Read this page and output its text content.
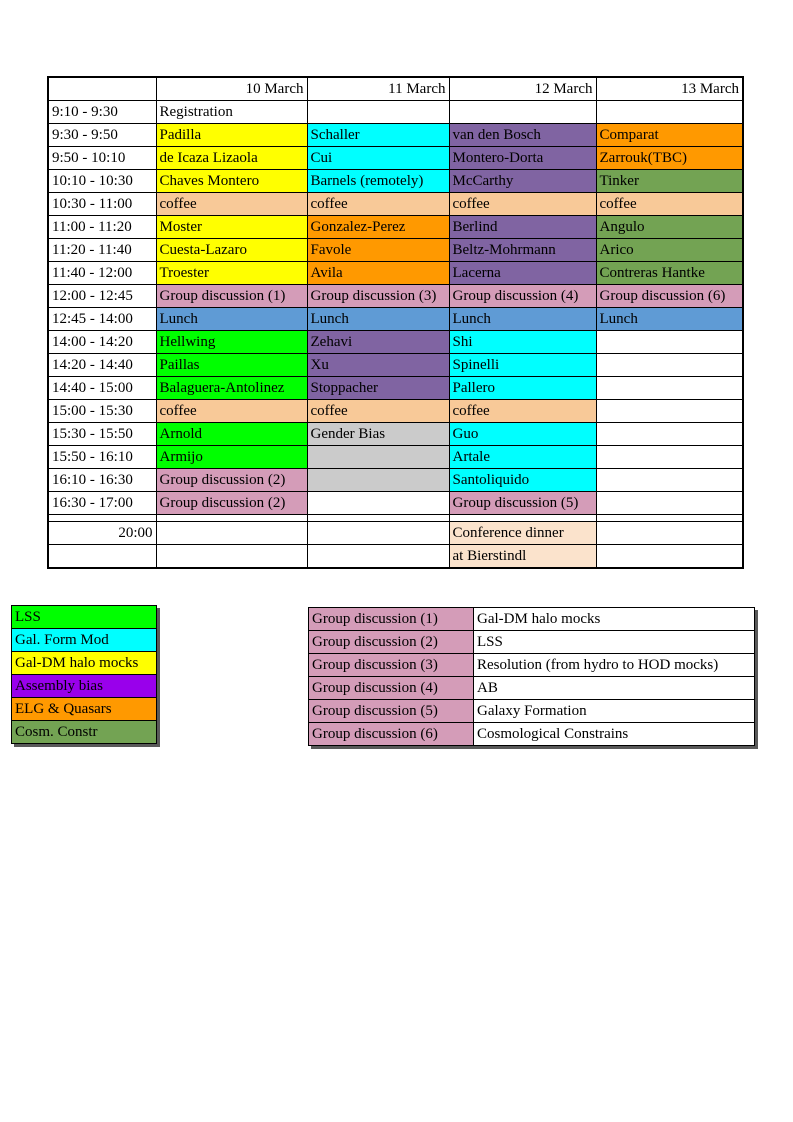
	10 March	11 March	12 March	13 March
9:10 - 9:30	Registration			
9:30 - 9:50	Padilla	Schaller	van den Bosch	Comparat
9:50 - 10:10	de Icaza Lizaola	Cui	Montero-Dorta	Zarrouk(TBC)
10:10 - 10:30	Chaves Montero	Barnels (remotely)	McCarthy	Tinker
10:30 - 11:00	coffee	coffee	coffee	coffee
11:00 - 11:20	Moster	Gonzalez-Perez	Berlind	Angulo
11:20 - 11:40	Cuesta-Lazaro	Favole	Beltz-Mohrmann	Arico
11:40 - 12:00	Troester	Avila	Lacerna	Contreras Hantke
12:00 - 12:45	Group discussion (1)	Group discussion (3)	Group discussion (4)	Group discussion (6)
12:45 - 14:00	Lunch	Lunch	Lunch	Lunch
14:00 - 14:20	Hellwing	Zehavi	Shi	
14:20 - 14:40	Paillas	Xu	Spinelli	
14:40 - 15:00	Balaguera-Antolinez	Stoppacher	Pallero	
15:00 - 15:30	coffee	coffee	coffee	
15:30 - 15:50	Arnold	Gender Bias	Guo	
15:50 - 16:10	Armijo		Artale	
16:10 - 16:30	Group discussion (2)		Santoliquido	
16:30 - 17:00	Group discussion (2)		Group discussion (5)	

20:00			Conference dinner	
			at Bierstindl	
LSS
Gal. Form Mod
Gal-DM halo mocks
Assembly bias
ELG & Quasars
Cosm. Constr
Group discussion (1)	Gal-DM halo mocks
Group discussion (2)	LSS
Group discussion (3)	Resolution (from hydro to HOD mocks)
Group discussion (4)	AB
Group discussion (5)	Galaxy Formation
Group discussion (6)	Cosmological Constrains
